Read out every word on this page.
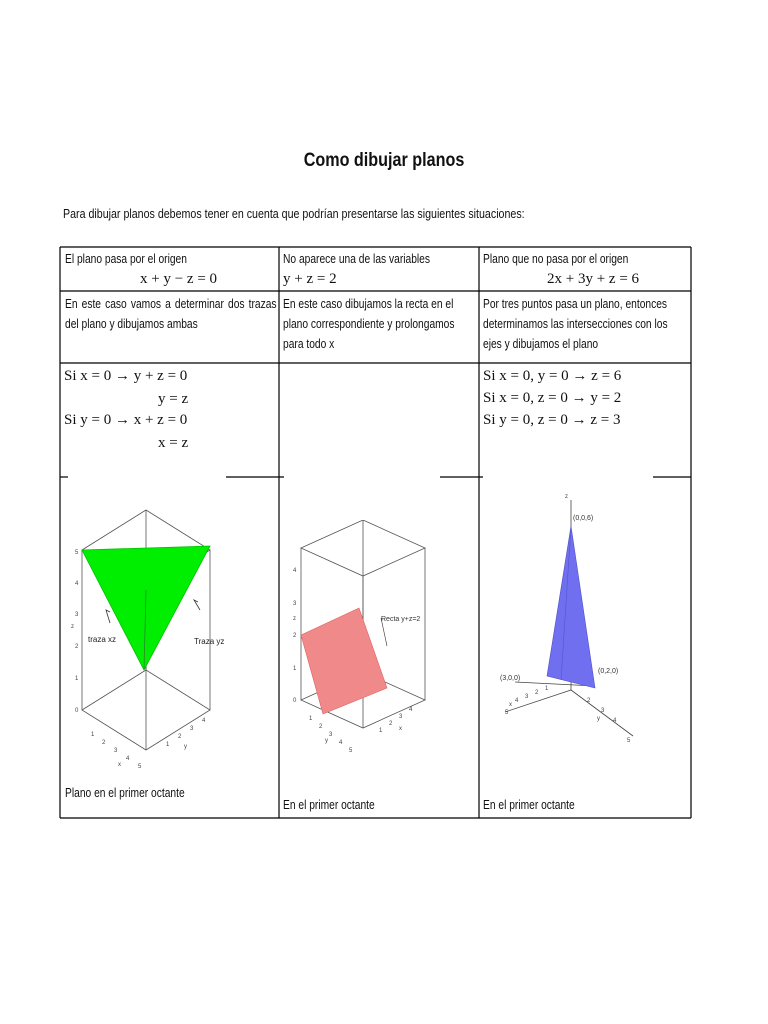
Como dibujar planos
Para dibujar planos debemos tener en cuenta que podrían presentarse las siguientes situaciones:
El plano pasa por el origen
x + y − z = 0
En este caso vamos a determinar dos trazas del plano y dibujamos ambas
Si x = 0 → y + z = 0
y = z
Si y = 0 → x + z = 0
x = z
No aparece una de las variables
y + z = 2
En este caso dibujamos la recta en el plano correspondiente y prolongamos para todo x
Plano que no pasa por el origen
2x + 3y + z = 6
Por tres puntos pasa un plano, entonces determinamos las intersecciones con los ejes y dibujamos el plano
Si x = 0, y = 0 → z = 6
Si x = 0, z = 0 → y = 2
Si y = 0, z = 0 → z = 3
traza xz	Traza yz
5
4
3
2
1
0
z
1
2
3
4
5
1
2
3
4
x
y
Plano en el primer octante
Recta y+z=2
4
3
2
1
0
z
1
2
3
4
5
1
2
3
4
y
x
En el primer octante
(0,0,6)
(3,0,0)
(0,2,0)
z
4
3
2
1
5
x
2
3
4
5
y
En el primer octante
